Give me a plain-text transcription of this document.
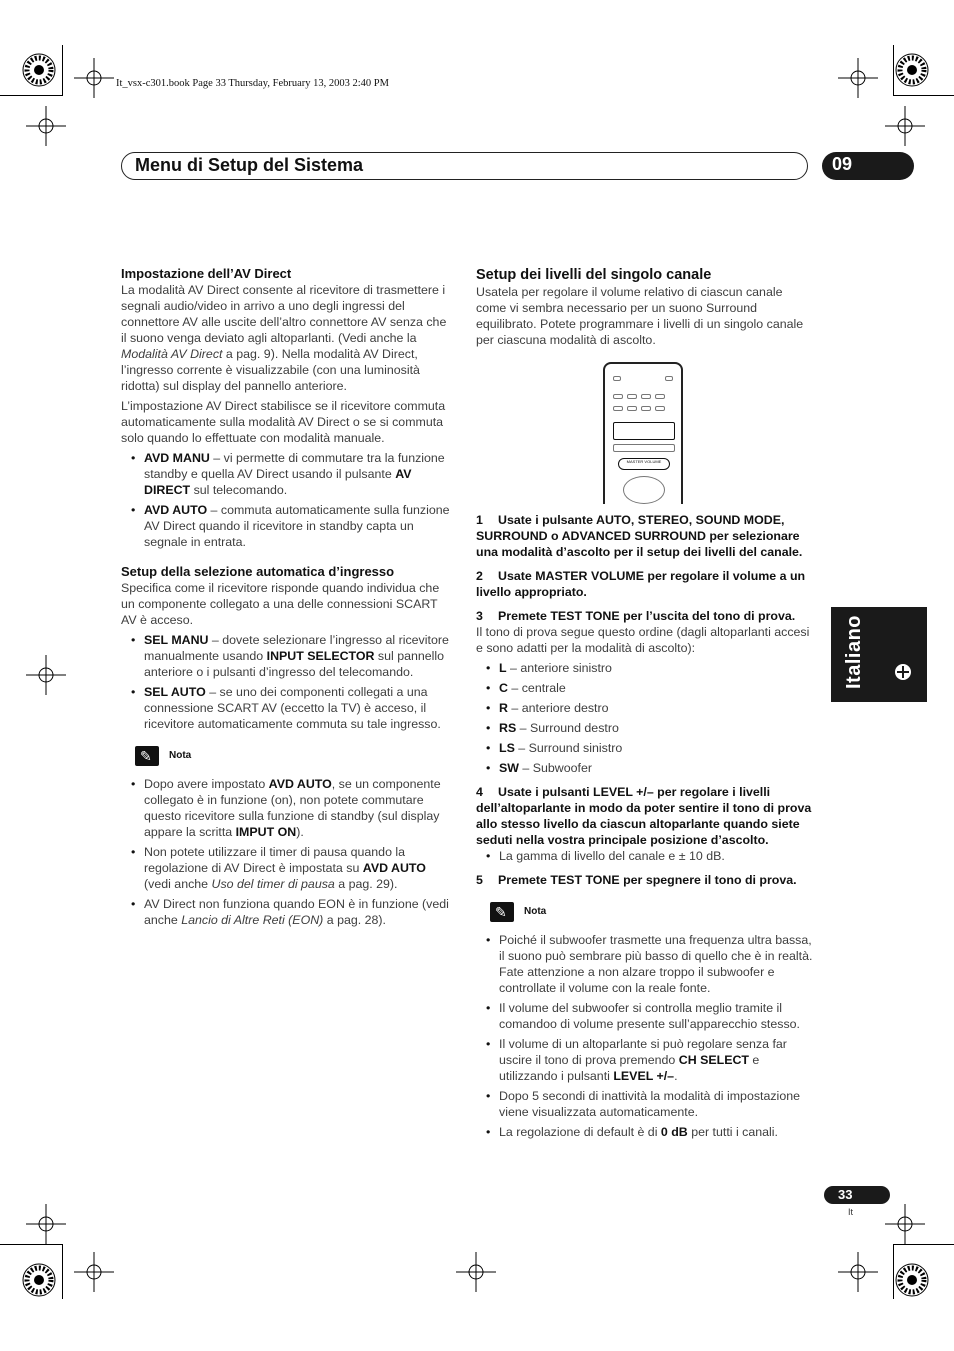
It_vsx-c301.book Page 33 Thursday, February 13, 2003 2:40 PM
Menu di Setup del Sistema	09
Italiano
Impostazione dell’AV Direct

La modalità AV Direct consente al ricevitore di trasmettere i segnali audio/video in arrivo a uno degli ingressi del connettore AV alle uscite dell’altro connettore AV senza che il suono venga deviato agli altoparlanti. (Vedi anche la Modalità AV Direct a pag. 9). Nella modalità AV Direct, l’ingresso corrente è visualizzabile (con una luminosità ridotta) sul display del pannello anteriore.

L’impostazione AV Direct stabilisce se il ricevitore commuta automaticamente sulla modalità AV Direct o se si commuta solo quando lo effettuate con modalità manuale.

• AVD MANU – vi permette di commutare tra la funzione standby e quella AV Direct usando il pulsante AV DIRECT sul telecomando.
• AVD AUTO – commuta automaticamente sulla funzione AV Direct quando il ricevitore in standby capta un segnale in entrata.
Setup della selezione automatica d’ingresso

Specifica come il ricevitore risponde quando individua che un componente collegato a una delle connessioni SCART AV è acceso.

• SEL MANU – dovete selezionare l’ingresso al ricevitore manualmente usando INPUT SELECTOR sul pannello anteriore o i pulsanti d’ingresso del telecomando.
• SEL AUTO – se uno dei componenti collegati a una connessione SCART AV (eccetto la TV) è acceso, il ricevitore automaticamente commuta su tale ingresso.
✎
Nota
• Dopo avere impostato AVD AUTO, se un componente collegato è in funzione (on), non potete commutare questo ricevitore sulla funzione di standby (sul display appare la scritta IMPUT ON).
• Non potete utilizzare il timer di pausa quando la regolazione di AV Direct è impostata su AVD AUTO (vedi anche Uso del timer di pausa a pag. 29).
• AV Direct non funziona quando EON è in funzione (vedi anche Lancio di Altre Reti (EON) a pag. 28).
Setup dei livelli del singolo canale

Usatela per regolare il volume relativo di ciascun canale come vi sembra necessario per un suono Surround equilibrato. Potete programmare i livelli di un singolo canale per ciascuna modalità di ascolto.

MASTER VOLUME
1 Usate i pulsante AUTO, STEREO, SOUND MODE, SURROUND o ADVANCED SURROUND per selezionare una modalità d’ascolto per il setup dei livelli del canale.
2 Usate MASTER VOLUME per regolare il volume a un livello appropriato.
3 Premete TEST TONE per l’uscita del tono di prova.

Il tono di prova segue questo ordine (dagli altoparlanti accesi e sono adatti per la modalità di ascolto):

• L – anteriore sinistro
• C – centrale
• R – anteriore destro
• RS – Surround destro
• LS – Surround sinistro
• SW – Subwoofer
4 Usate i pulsanti LEVEL +/– per regolare i livelli dell’altoparlante in modo da poter sentire il tono di prova allo stesso livello da ciascun altoparlante quando siete seduti nella vostra principale posizione d’ascolto.
• La gamma di livello del canale e ± 10 dB.
5 Premete TEST TONE per spegnere il tono di prova.
✎
Nota
• Poiché il subwoofer trasmette una frequenza ultra bassa, il suono può sembrare più basso di quello che è in realtà. Fate attenzione a non alzare troppo il subwoofer e controllate il volume con la reale fonte.
• Il volume del subwoofer si controlla meglio tramite il comandoo di volume presente sull’apparecchio stesso.
• Il volume di un altoparlante si può regolare senza far uscire il tono di prova premendo CH SELECT e utilizzando i pulsanti LEVEL +/–.
• Dopo 5 secondi di inattività la modalità di impostazione viene visualizzata automaticamente.
• La regolazione di default è di 0 dB per tutti i canali.
33
It
